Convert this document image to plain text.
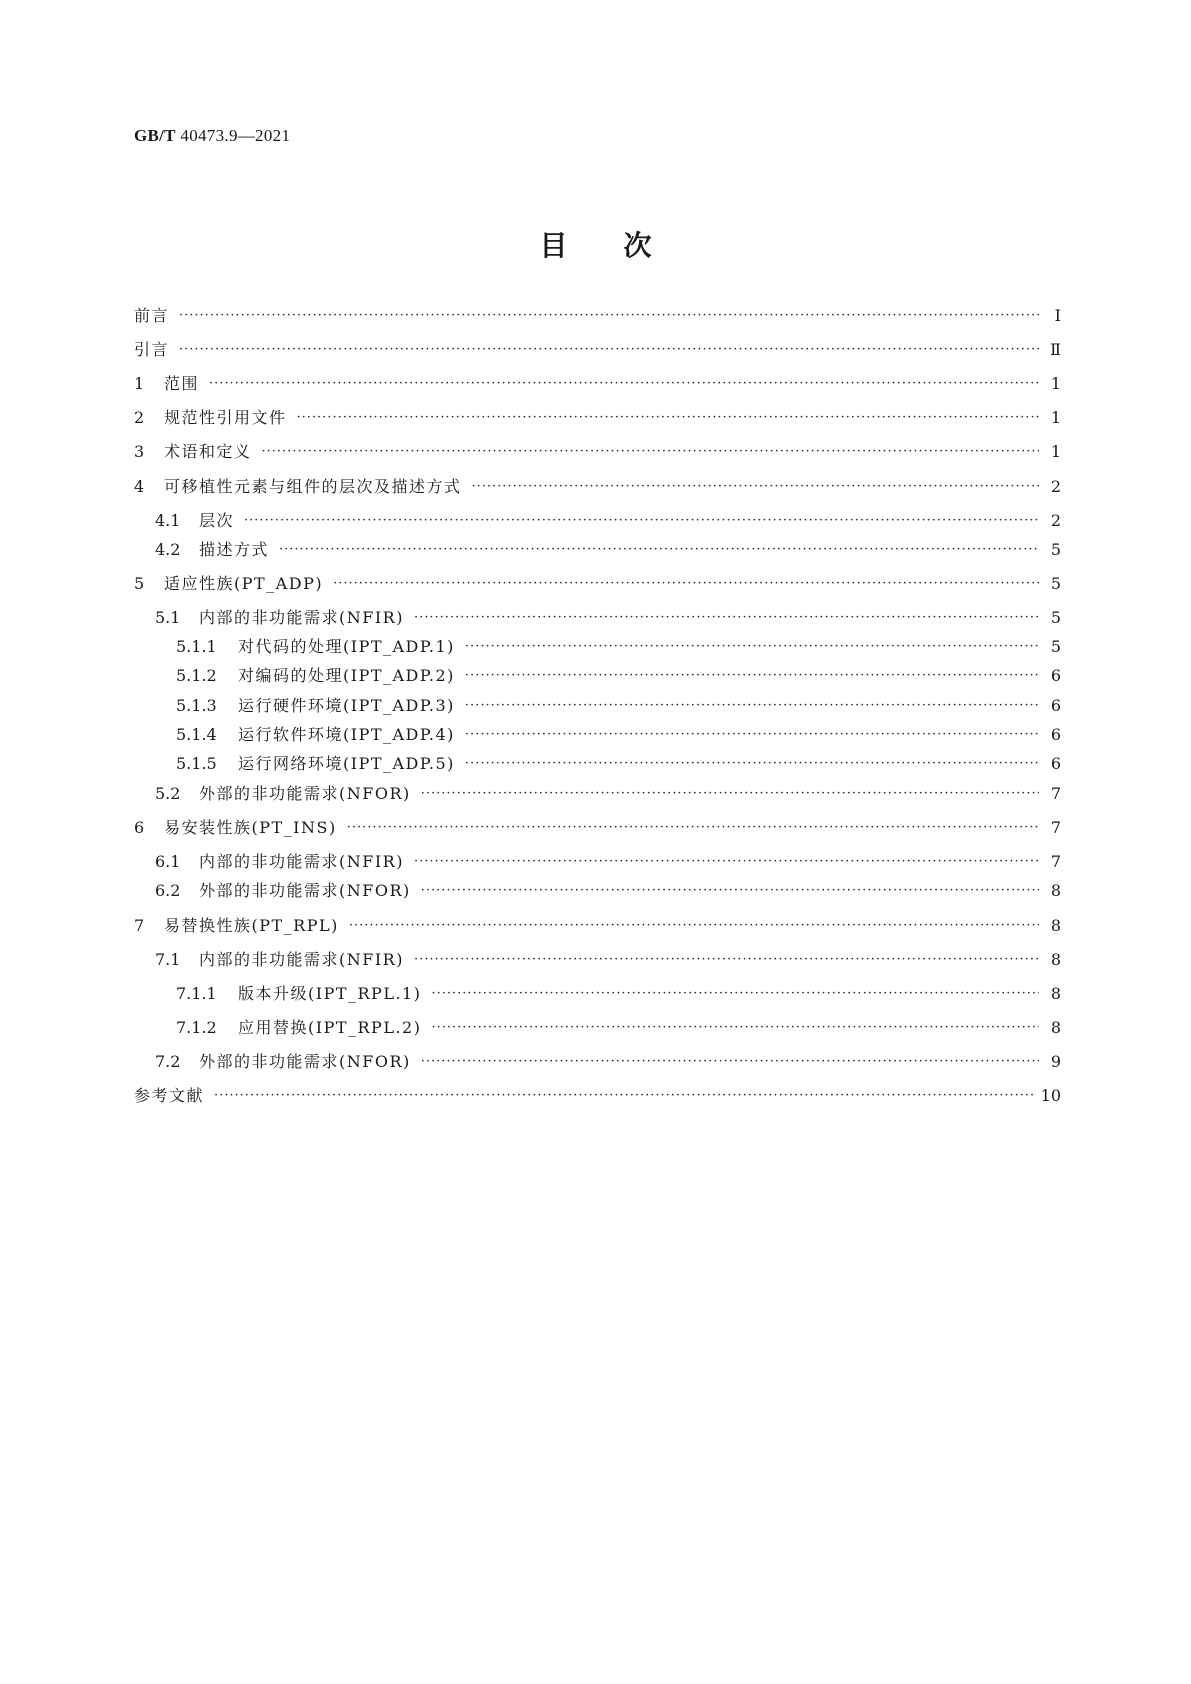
GB/T 40473.9—2021
目次
前言 ·····	Ⅰ
引言 ·····	Ⅱ
1	范围 ·····	1
2	规范性引用文件 ·····	1
3	术语和定义 ·····	1
4	可移植性元素与组件的层次及描述方式 ·····	2
4.1	层次 ·····	2
4.2	描述方式 ·····	5
5	适应性族(PT_ADP) ·····	5
5.1	内部的非功能需求(NFIR) ·····	5
5.1.1	对代码的处理(IPT_ADP.1) ·····	5
5.1.2	对编码的处理(IPT_ADP.2) ·····	6
5.1.3	运行硬件环境(IPT_ADP.3) ·····	6
5.1.4	运行软件环境(IPT_ADP.4) ·····	6
5.1.5	运行网络环境(IPT_ADP.5) ·····	6
5.2	外部的非功能需求(NFOR) ·····	7
6	易安装性族(PT_INS) ·····	7
6.1	内部的非功能需求(NFIR) ·····	7
6.2	外部的非功能需求(NFOR) ·····	8
7	易替换性族(PT_RPL) ·····	8
7.1	内部的非功能需求(NFIR) ·····	8
7.1.1	版本升级(IPT_RPL.1) ·····	8
7.1.2	应用替换(IPT_RPL.2) ·····	8
7.2	外部的非功能需求(NFOR) ·····	9
参考文献 ·····	10
